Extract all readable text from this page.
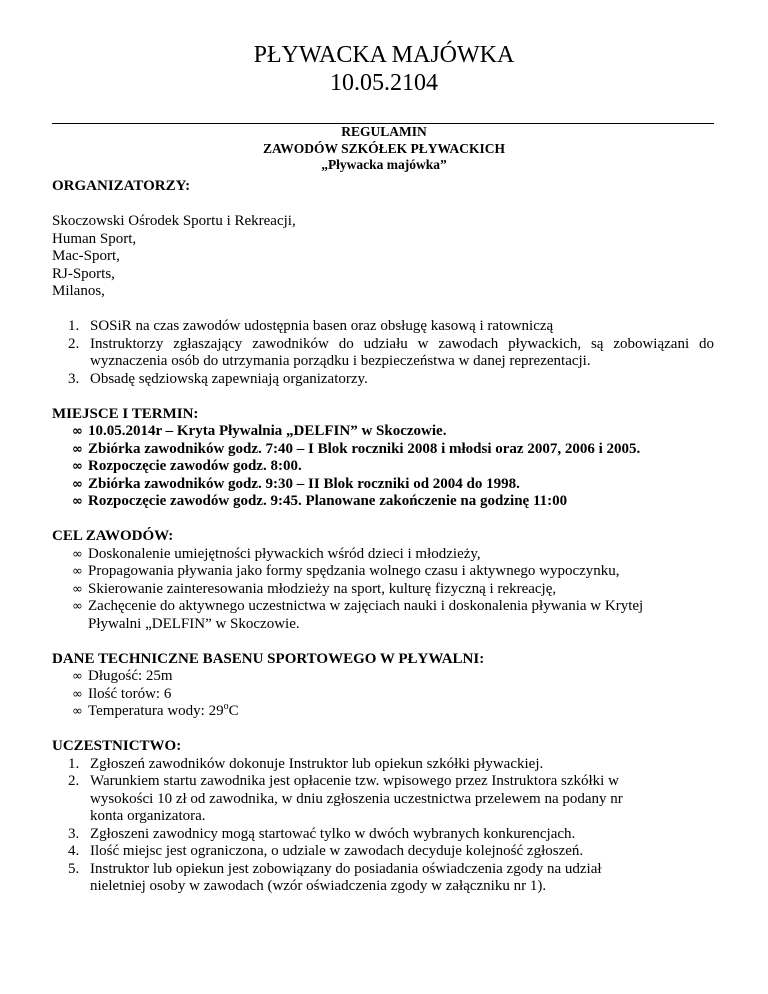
PŁYWACKA MAJÓWKA
10.05.2104
REGULAMIN
ZAWODÓW SZKÓŁEK PŁYWACKICH
„Pływacka majówka”
ORGANIZATORZY:
Skoczowski Ośrodek Sportu i Rekreacji,
Human Sport,
Mac-Sport,
RJ-Sports,
Milanos,
1. SOSiR na czas zawodów udostępnia basen oraz obsługę kasową i ratowniczą
2. Instruktorzy zgłaszający zawodników do udziału w zawodach pływackich, są zobowiązani do wyznaczenia osób do utrzymania porządku i bezpieczeństwa w danej reprezentacji.
3. Obsadę sędziowską zapewniają organizatorzy.
MIEJSCE I TERMIN:
∞ 10.05.2014r – Kryta Pływalnia „DELFIN” w Skoczowie.
∞ Zbiórka zawodników godz. 7:40 – I Blok roczniki 2008 i młodsi oraz 2007, 2006 i 2005.
∞ Rozpoczęcie zawodów godz. 8:00.
∞ Zbiórka zawodników godz. 9:30 – II Blok roczniki od 2004 do 1998.
∞ Rozpoczęcie zawodów godz. 9:45. Planowane zakończenie na godzinę 11:00
CEL ZAWODÓW:
∞ Doskonalenie umiejętności pływackich wśród dzieci i młodzieży,
∞ Propagowania pływania jako formy spędzania wolnego czasu i aktywnego wypoczynku,
∞ Skierowanie zainteresowania młodzieży na sport, kulturę fizyczną i rekreację,
∞ Zachęcenie do aktywnego uczestnictwa w zajęciach nauki i doskonalenia pływania w Krytej Pływalni „DELFIN” w Skoczowie.
DANE TECHNICZNE BASENU SPORTOWEGO W PŁYWALNI:
∞ Długość: 25m
∞ Ilość torów: 6
∞ Temperatura wody: 29$^o$C
UCZESTNICTWO:
1. Zgłoszeń zawodników dokonuje Instruktor lub opiekun szkółki pływackiej.
2. Warunkiem startu zawodnika jest opłacenie tzw. wpisowego przez Instruktora szkółki w wysokości 10 zł od zawodnika, w dniu zgłoszenia uczestnictwa przelewem na podany nr konta organizatora.
3. Zgłoszeni zawodnicy mogą startować tylko w dwóch wybranych konkurencjach.
4. Ilość miejsc jest ograniczona, o udziale w zawodach decyduje kolejność zgłoszeń.
5. Instruktor lub opiekun jest zobowiązany do posiadania oświadczenia zgody na udział nieletniej osoby w zawodach (wzór oświadczenia zgody w załączniku nr 1).
